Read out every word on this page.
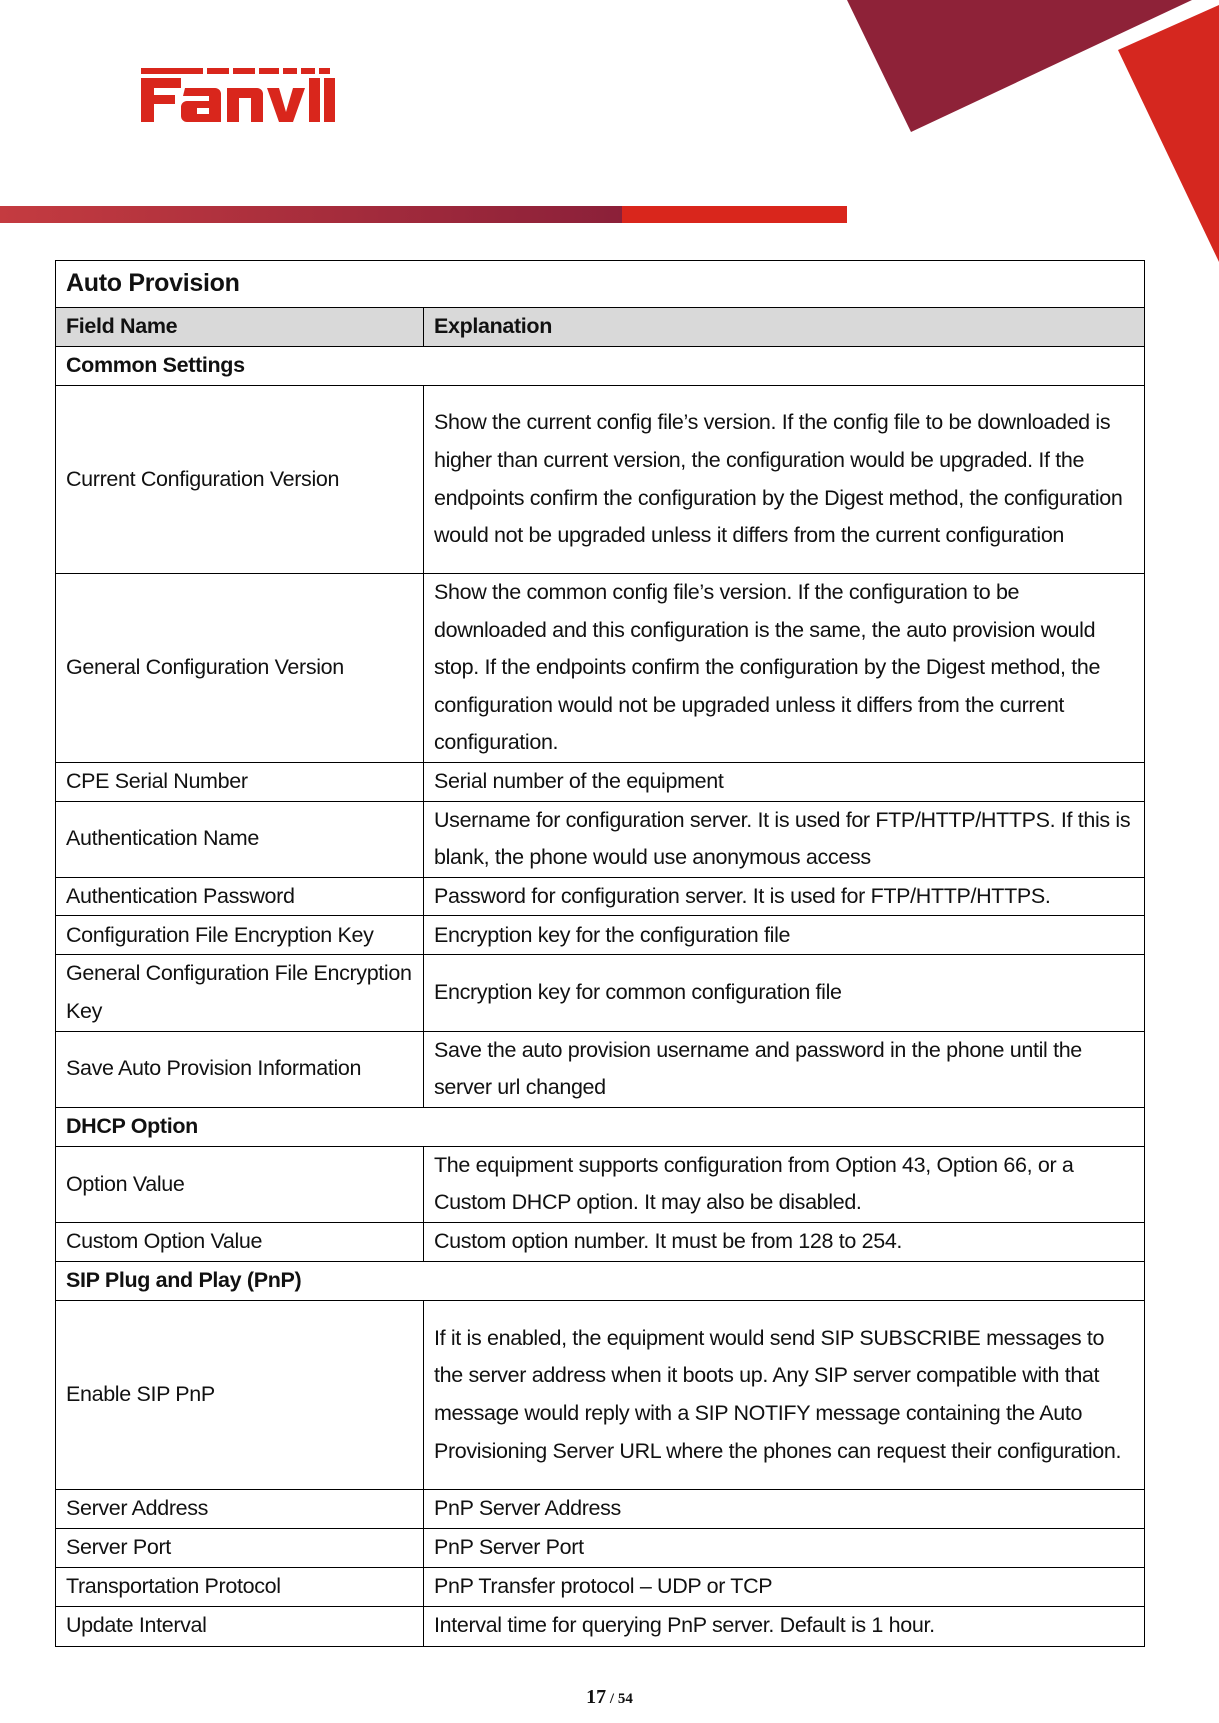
Auto Provision	
Field Name	Explanation
Common Settings	
Current Configuration Version	Show the current config file’s version. If the config file to be downloaded is higher than current version, the configuration would be upgraded. If the endpoints confirm the configuration by the Digest method, the configuration would not be upgraded unless it differs from the current configuration
General Configuration Version	Show the common config file’s version. If the configuration to be downloaded and this configuration is the same, the auto provision would stop. If the endpoints confirm the configuration by the Digest method, the configuration would not be upgraded unless it differs from the current configuration.
CPE Serial Number	Serial number of the equipment
Authentication Name	Username for configuration server. It is used for FTP/HTTP/HTTPS. If this is blank, the phone would use anonymous access
Authentication Password	Password for configuration server. It is used for FTP/HTTP/HTTPS.
Configuration File Encryption Key	Encryption key for the configuration file
General Configuration File Encryption Key	Encryption key for common configuration file
Save Auto Provision Information	Save the auto provision username and password in the phone until the server url changed
DHCP Option	
Option Value	The equipment supports configuration from Option 43, Option 66, or a Custom DHCP option. It may also be disabled.
Custom Option Value	Custom option number. It must be from 128 to 254.
SIP Plug and Play (PnP)	
Enable SIP PnP	If it is enabled, the equipment would send SIP SUBSCRIBE messages to the server address when it boots up. Any SIP server compatible with that message would reply with a SIP NOTIFY message containing the Auto Provisioning Server URL where the phones can request their configuration.
Server Address	PnP Server Address
Server Port	PnP Server Port
Transportation Protocol	PnP Transfer protocol – UDP or TCP
Update Interval	Interval time for querying PnP server. Default is 1 hour.
17 / 54
